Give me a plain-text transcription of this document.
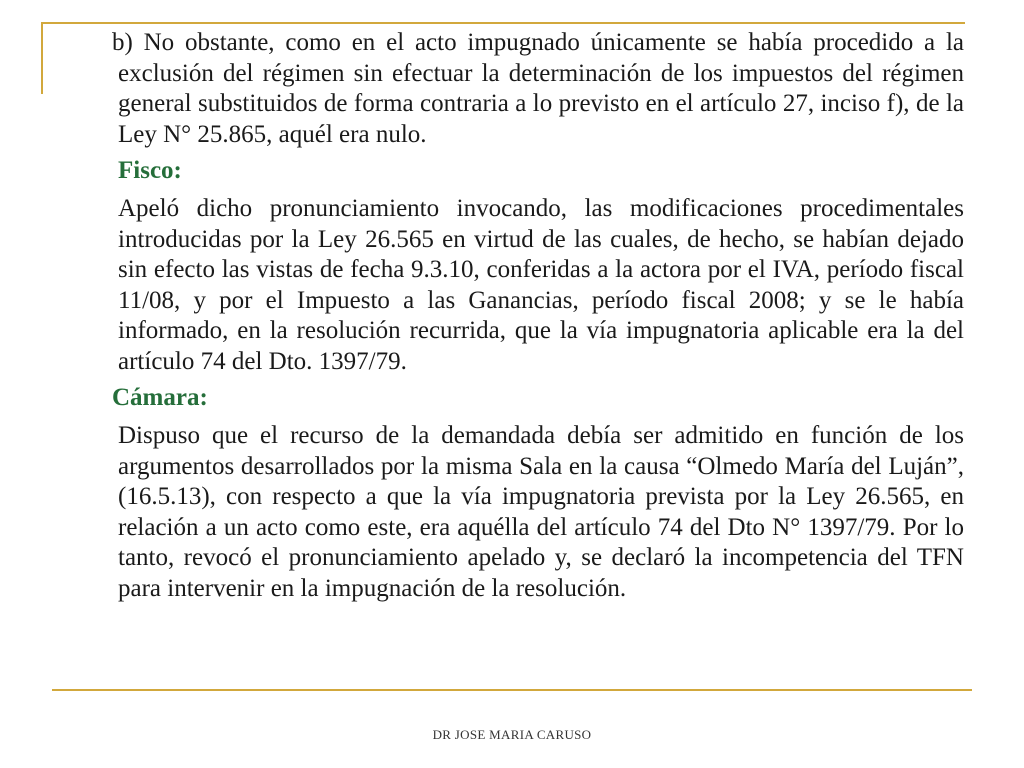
b) No obstante, como en el acto impugnado únicamente se había procedido a la exclusión del régimen sin efectuar la determinación de los impuestos del régimen general substituidos de forma contraria a lo previsto en el artículo 27, inciso f), de la Ley N° 25.865, aquél era nulo.

Fisco:

Apeló dicho pronunciamiento invocando, las modificaciones procedimentales introducidas por la Ley 26.565 en virtud de las cuales, de hecho, se habían dejado sin efecto las vistas de fecha 9.3.10, conferidas a la actora por el IVA, período fiscal 11/08, y por el Impuesto a las Ganancias, período fiscal 2008; y se le había informado, en la resolución recurrida, que la vía impugnatoria aplicable era la del artículo 74 del Dto. 1397/79.

Cámara:

Dispuso que el recurso de la demandada debía ser admitido en función de los argumentos desarrollados por la misma Sala en la causa “Olmedo María del Luján”, (16.5.13), con respecto a que la vía impugnatoria prevista por la Ley 26.565, en relación a un acto como este, era aquélla del artículo 74 del Dto N° 1397/79. Por lo tanto, revocó el pronunciamiento apelado y, se declaró la incompetencia del TFN para intervenir en la impugnación de la resolución.

DR JOSE MARIA CARUSO
